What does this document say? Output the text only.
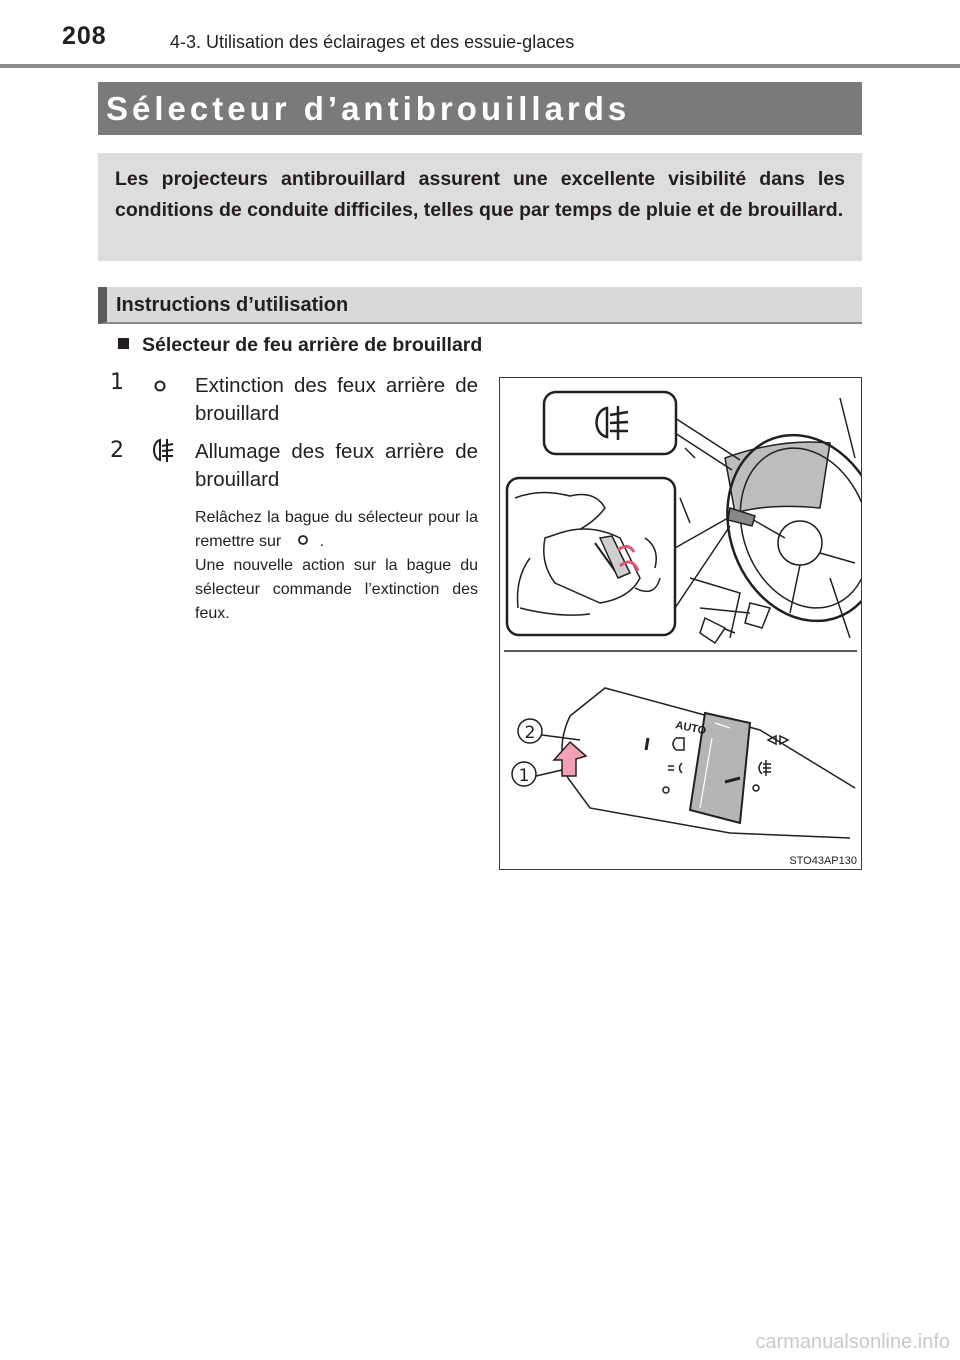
208	4-3. Utilisation des éclairages et des essuie-glaces
Sélecteur d’antibrouillards
Les projecteurs antibrouillard assurent une excellente visibilité dans les conditions de conduite difficiles, telles que par temps de pluie et de brouillard.
Instructions d’utilisation
Sélecteur de feu arrière de brouillard
1	Extinction des feux arrière de brouillard
2	Allumage des feux arrière de brouillard
Relâchez la bague du sélecteur pour la remettre sur .
Une nouvelle action sur la bague du sélecteur commande l’extinction des feux.
AUTO
2
1
STO43AP130
carmanualsonline.info
